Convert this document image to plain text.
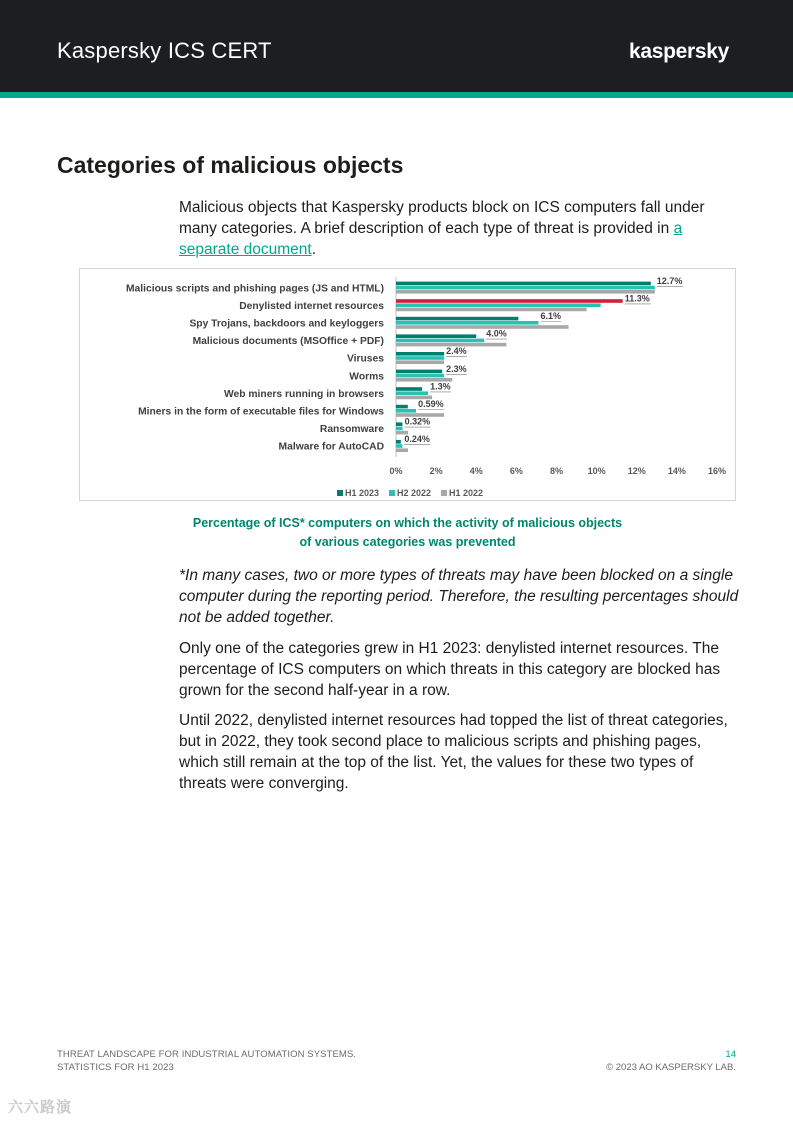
Kaspersky ICS CERT	kaspersky
Categories of malicious objects

Malicious objects that Kaspersky products block on ICS computers fall under many categories. A brief description of each type of threat is provided in a separate document.

Malicious scripts and phishing pages (JS and HTML)
12.7%
Denylisted internet resources
11.3%
Spy Trojans, backdoors and keyloggers
6.1%
Malicious documents (MSOffice + PDF)
4.0%
Viruses
2.4%
Worms
2.3%
Web miners running in browsers
1.3%
Miners in the form of executable files for Windows
0.59%
Ransomware
0.32%
Malware for AutoCAD
0.24%
0%	2%	4%	6%	8%	10% 12% 14% 16%
H1 2023 H2 2022 H1 2022
Percentage of ICS* computers on which the activity of malicious objects
of various categories was prevented

*In many cases, two or more types of threats may have been blocked on a single computer during the reporting period. Therefore, the resulting percentages should not be added together.

Only one of the categories grew in H1 2023: denylisted internet resources. The percentage of ICS computers on which threats in this category are blocked has grown for the second half-year in a row.

Until 2022, denylisted internet resources had topped the list of threat categories, but in 2022, they took second place to malicious scripts and phishing pages, which still remain at the top of the list. Yet, the values for these two types of threats were converging.

THREAT LANDSCAPE FOR INDUSTRIAL AUTOMATION SYSTEMS.
STATISTICS FOR H1 2023
14
© 2023 AO KASPERSKY LAB.
六六路演
